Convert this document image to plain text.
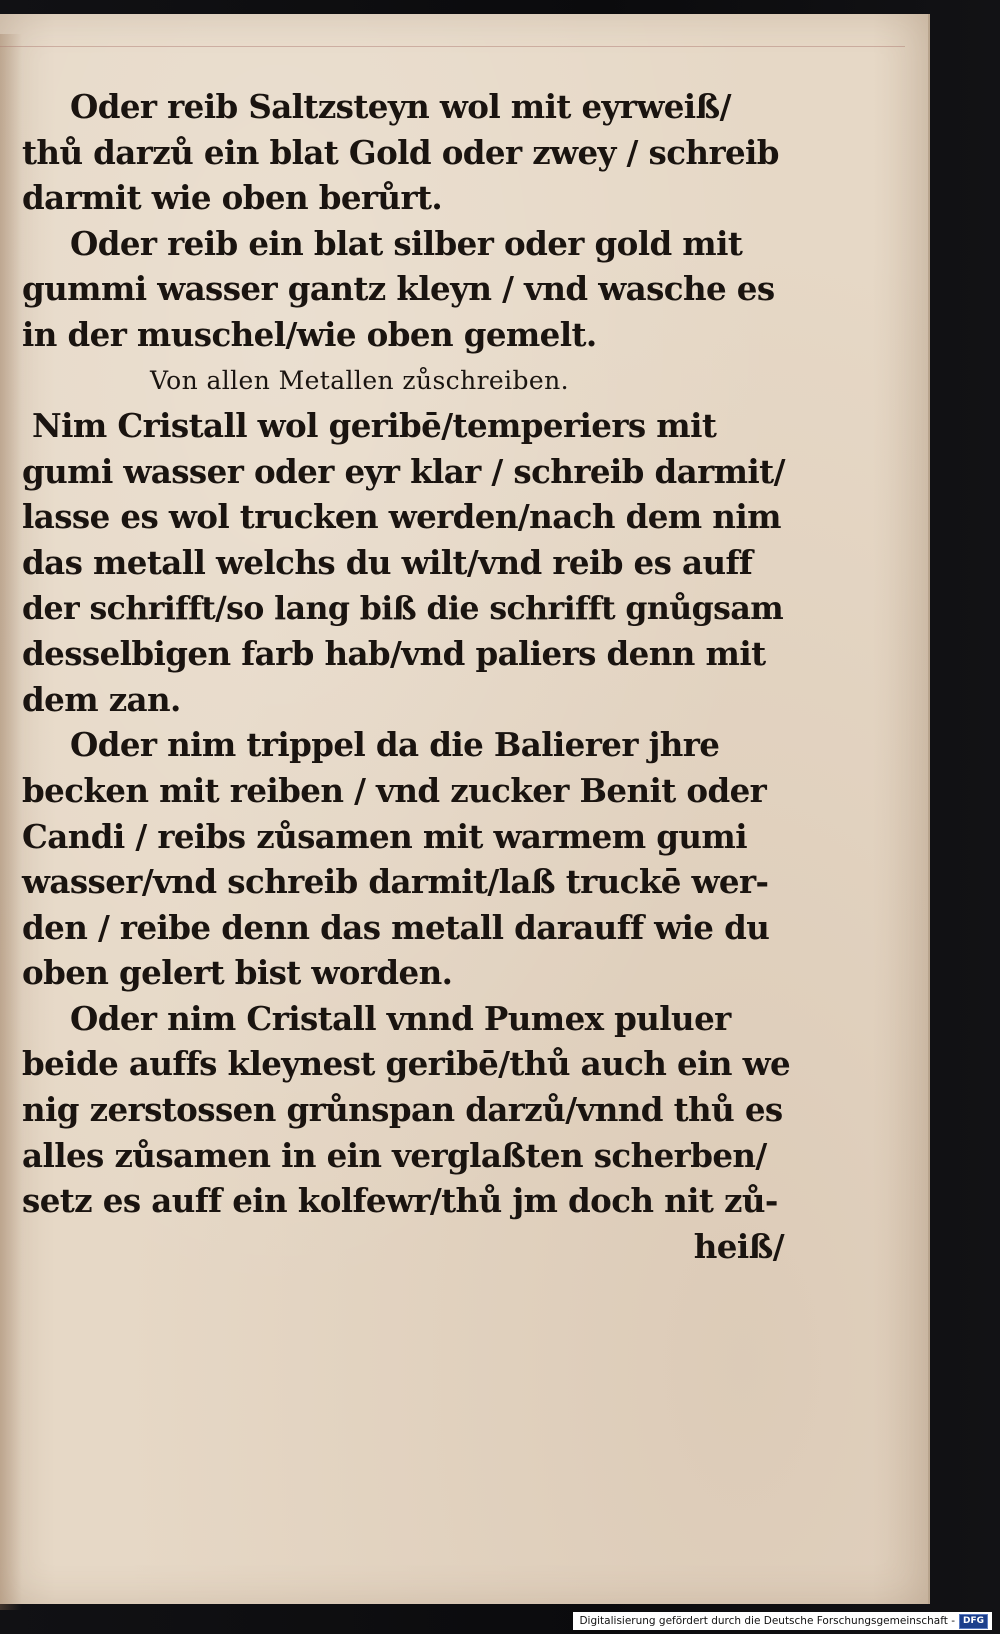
Oder reib Saltzsteyn wol mit eyrweiß/
thů darzů ein blat Gold oder zwey / schreib
darmit wie oben berůrt.
Oder reib ein blat silber oder gold mit
gummi wasser gantz kleyn / vnd wasche es
in der muschel/wie oben gemelt.
Von allen Metallen zůschreiben.
Nim Cristall wol geribē/temperiers mit
gumi wasser oder eyr klar / schreib darmit/
lasse es wol trucken werden/nach dem nim
das metall welchs du wilt/vnd reib es auff
der schrifft/so lang biß die schrifft gnůgsam
desselbigen farb hab/vnd paliers denn mit
dem zan.
Oder nim trippel da die Balierer jhre
becken mit reiben / vnd zucker Benit oder
Candi / reibs zůsamen mit warmem gumi
wasser/vnd schreib darmit/laß truckē wer-
den / reibe denn das metall darauff wie du
oben gelert bist worden.
Oder nim Cristall vnnd Pumex puluer
beide auffs kleynest geribē/thů auch ein we
nig zerstossen grůnspan darzů/vnnd thů es
alles zůsamen in ein verglaßten scherben/
setz es auff ein kolfewr/thů jm doch nit zů-
heiß/
Digitalisierung gefördert durch die Deutsche Forschungsgemeinschaft - DFG
